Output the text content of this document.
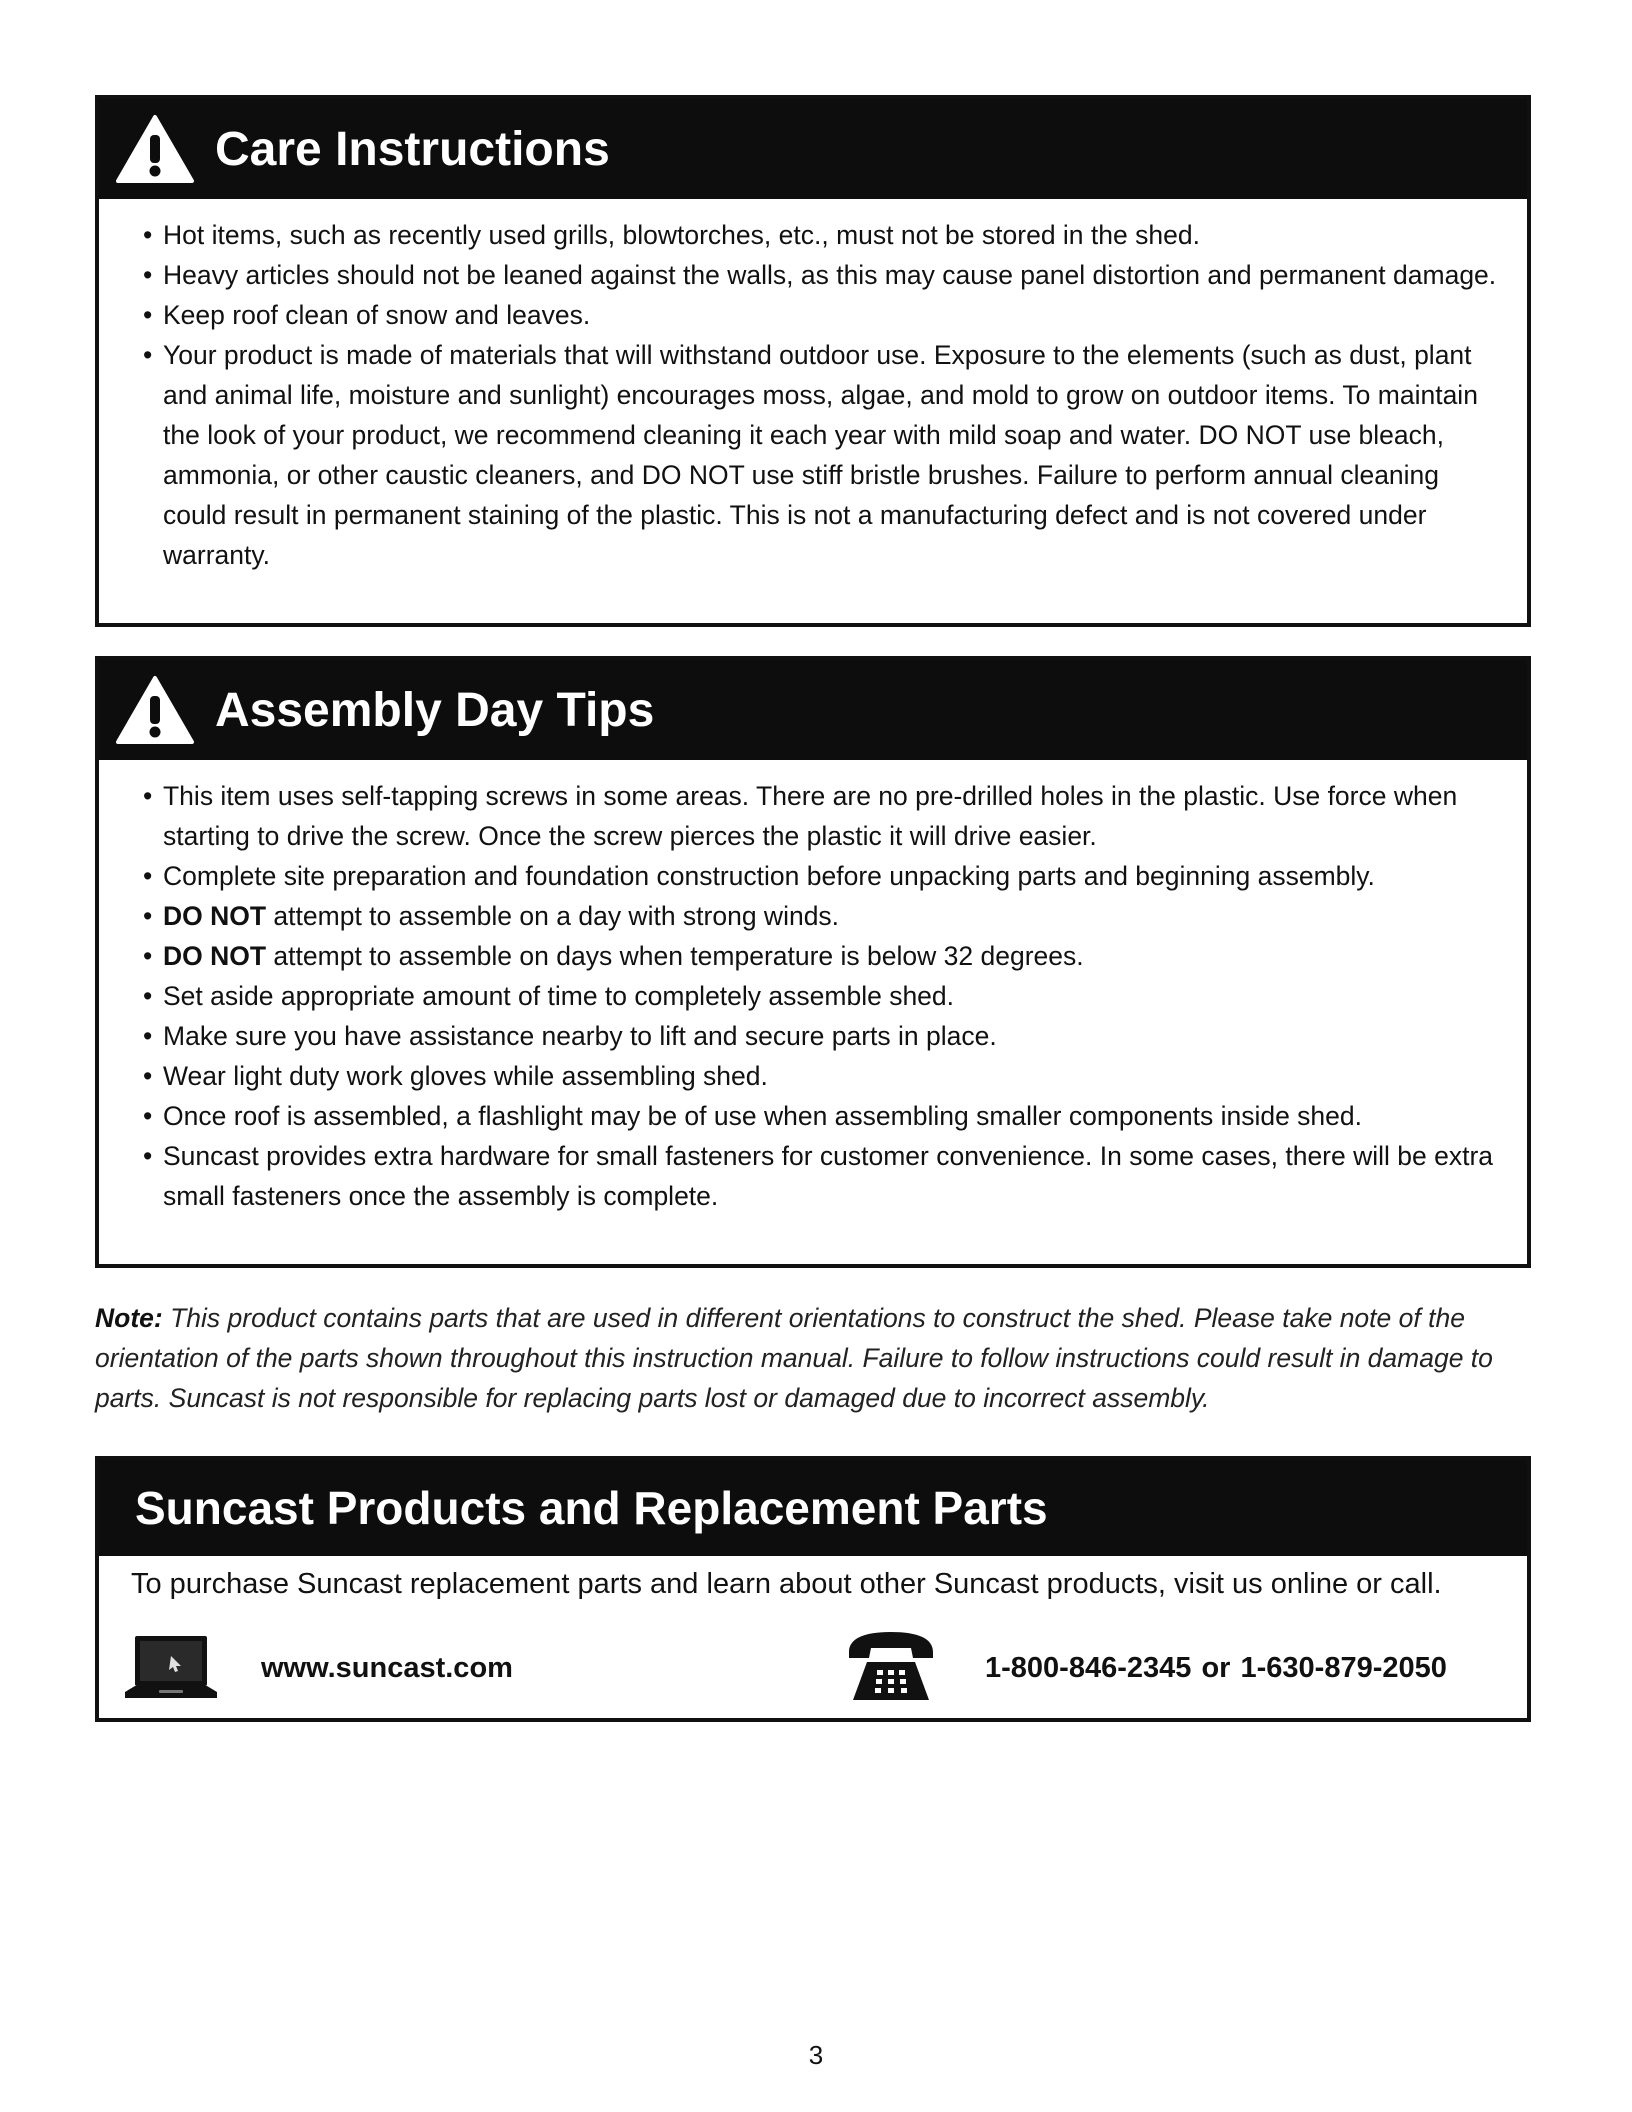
Care Instructions
• Hot items, such as recently used grills, blowtorches, etc., must not be stored in the shed.
• Heavy articles should not be leaned against the walls, as this may cause panel distortion and permanent damage.
• Keep roof clean of snow and leaves.
• Your product is made of materials that will withstand outdoor use. Exposure to the elements (such as dust, plant and animal life, moisture and sunlight) encourages moss, algae, and mold to grow on outdoor items. To maintain the look of your product, we recommend cleaning it each year with mild soap and water. DO NOT use bleach, ammonia, or other caustic cleaners, and DO NOT use stiff bristle brushes. Failure to perform annual cleaning could result in permanent staining of the plastic. This is not a manufacturing defect and is not covered under warranty.
Assembly Day Tips
• This item uses self-tapping screws in some areas. There are no pre-drilled holes in the plastic. Use force when starting to drive the screw. Once the screw pierces the plastic it will drive easier.
• Complete site preparation and foundation construction before unpacking parts and beginning assembly.
• DO NOT attempt to assemble on a day with strong winds.
• DO NOT attempt to assemble on days when temperature is below 32 degrees.
• Set aside appropriate amount of time to completely assemble shed.
• Make sure you have assistance nearby to lift and secure parts in place.
• Wear light duty work gloves while assembling shed.
• Once roof is assembled, a flashlight may be of use when assembling smaller components inside shed.
• Suncast provides extra hardware for small fasteners for customer convenience. In some cases, there will be extra small fasteners once the assembly is complete.
Note: This product contains parts that are used in different orientations to construct the shed. Please take note of the orientation of the parts shown throughout this instruction manual. Failure to follow instructions could result in damage to parts. Suncast is not responsible for replacing parts lost or damaged due to incorrect assembly.
Suncast Products and Replacement Parts
To purchase Suncast replacement parts and learn about other Suncast products, visit us online or call.
www.suncast.com	1-800-846-2345 or 1-630-879-2050
3
